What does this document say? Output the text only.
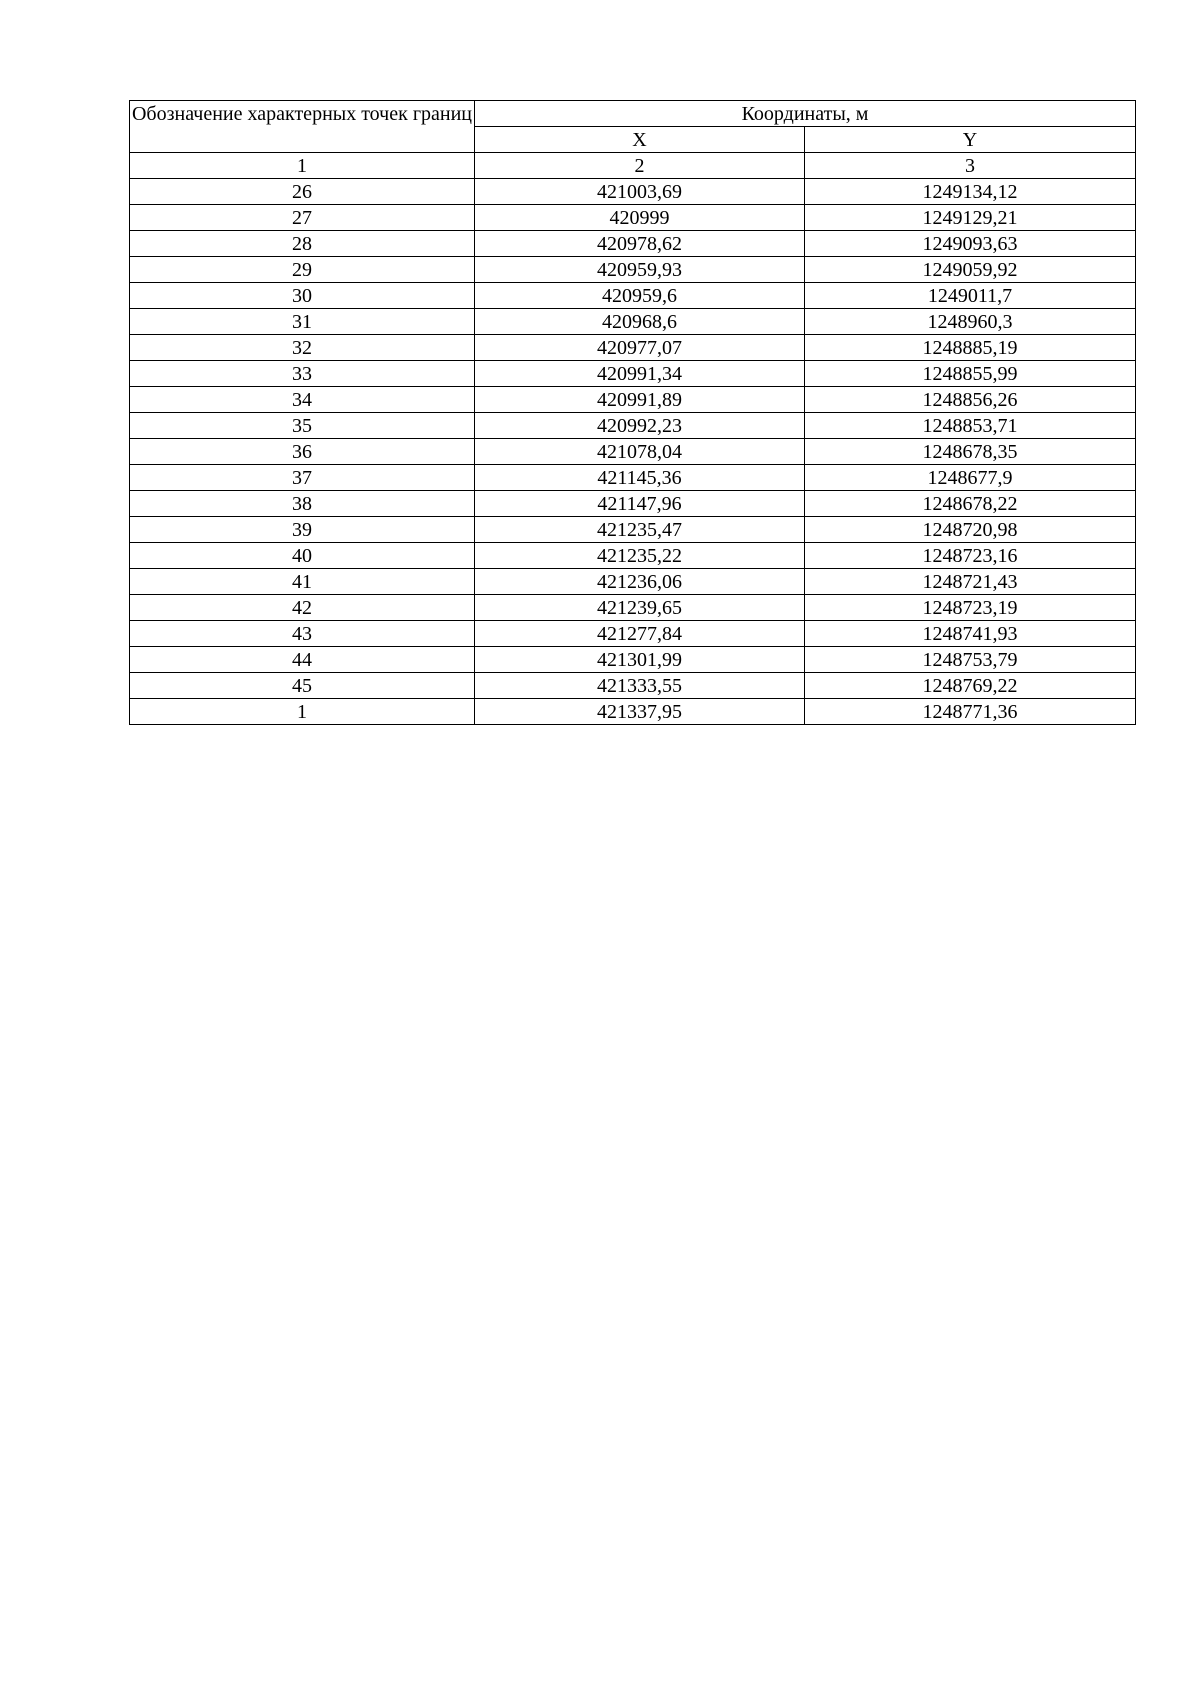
Обозначение характерных точек границ	Координаты, м	
	X	Y
1	2	3
26	421003,69	1249134,12
27	420999	1249129,21
28	420978,62	1249093,63
29	420959,93	1249059,92
30	420959,6	1249011,7
31	420968,6	1248960,3
32	420977,07	1248885,19
33	420991,34	1248855,99
34	420991,89	1248856,26
35	420992,23	1248853,71
36	421078,04	1248678,35
37	421145,36	1248677,9
38	421147,96	1248678,22
39	421235,47	1248720,98
40	421235,22	1248723,16
41	421236,06	1248721,43
42	421239,65	1248723,19
43	421277,84	1248741,93
44	421301,99	1248753,79
45	421333,55	1248769,22
1	421337,95	1248771,36
